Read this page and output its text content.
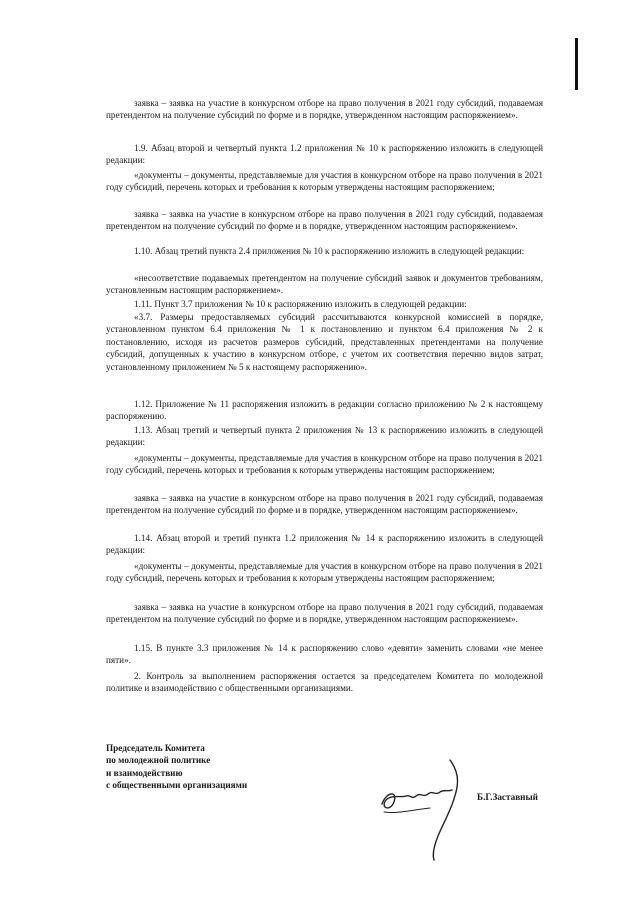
заявка – заявка на участие в конкурсном отборе на право получения в 2021 году субсидий, подаваемая претендентом на получение субсидий по форме и в порядке, утвержденном настоящим распоряжением».

1.9. Абзац второй и четвертый пункта 1.2 приложения № 10 к распоряжению изложить в следующей редакции:

«документы – документы, представляемые для участия в конкурсном отборе на право получения в 2021 году субсидий, перечень которых и требования к которым утверждены настоящим распоряжением;

заявка – заявка на участие в конкурсном отборе на право получения в 2021 году субсидий, подаваемая претендентом на получение субсидий по форме и в порядке, утвержденном настоящим распоряжением».

1.10. Абзац третий пункта 2.4 приложения № 10 к распоряжению изложить в следующей редакции:

«несоответствие подаваемых претендентом на получение субсидий заявок и документов требованиям, установленным настоящим распоряжением».

1.11. Пункт 3.7 приложения № 10 к распоряжению изложить в следующей редакции:

«3.7. Размеры предоставляемых субсидий рассчитываются конкурсной комиссией в порядке, установленном пунктом 6.4 приложения № 1 к постановлению и пунктом 6.4 приложения № 2 к постановлению, исходя из расчетов размеров субсидий, представленных претендентами на получение субсидий, допущенных к участию в конкурсном отборе, с учетом их соответствия перечню видов затрат, установленному приложением № 5 к настоящему распоряжению».

1.12. Приложение № 11 распоряжения изложить в редакции согласно приложению № 2 к настоящему распоряжению.

1.13. Абзац третий и четвертый пункта 2 приложения № 13 к распоряжению изложить в следующей редакции:

«документы – документы, представляемые для участия в конкурсном отборе на право получения в 2021 году субсидий, перечень которых и требования к которым утверждены настоящим распоряжением;

заявка – заявка на участие в конкурсном отборе на право получения в 2021 году субсидий, подаваемая претендентом на получение субсидий по форме и в порядке, утвержденном настоящим распоряжением».

1.14. Абзац второй и третий пункта 1.2 приложения № 14 к распоряжению изложить в следующей редакции:

«документы – документы, представляемые для участия в конкурсном отборе на право получения в 2021 году субсидий, перечень которых и требования к которым утверждены настоящим распоряжением;

заявка – заявка на участие в конкурсном отборе на право получения в 2021 году субсидий, подаваемая претендентом на получение субсидий по форме и в порядке, утвержденном настоящим распоряжением».

1.15. В пункте 3.3 приложения № 14 к распоряжению слово «девяти» заменить словами «не менее пяти».

2. Контроль за выполнением распоряжения остается за председателем Комитета по молодежной политике и взаимодействию с общественными организациями.

Председатель Комитета
по молодежной политике
и взаимодействию
с общественными организациями
Б.Г.Заставный
